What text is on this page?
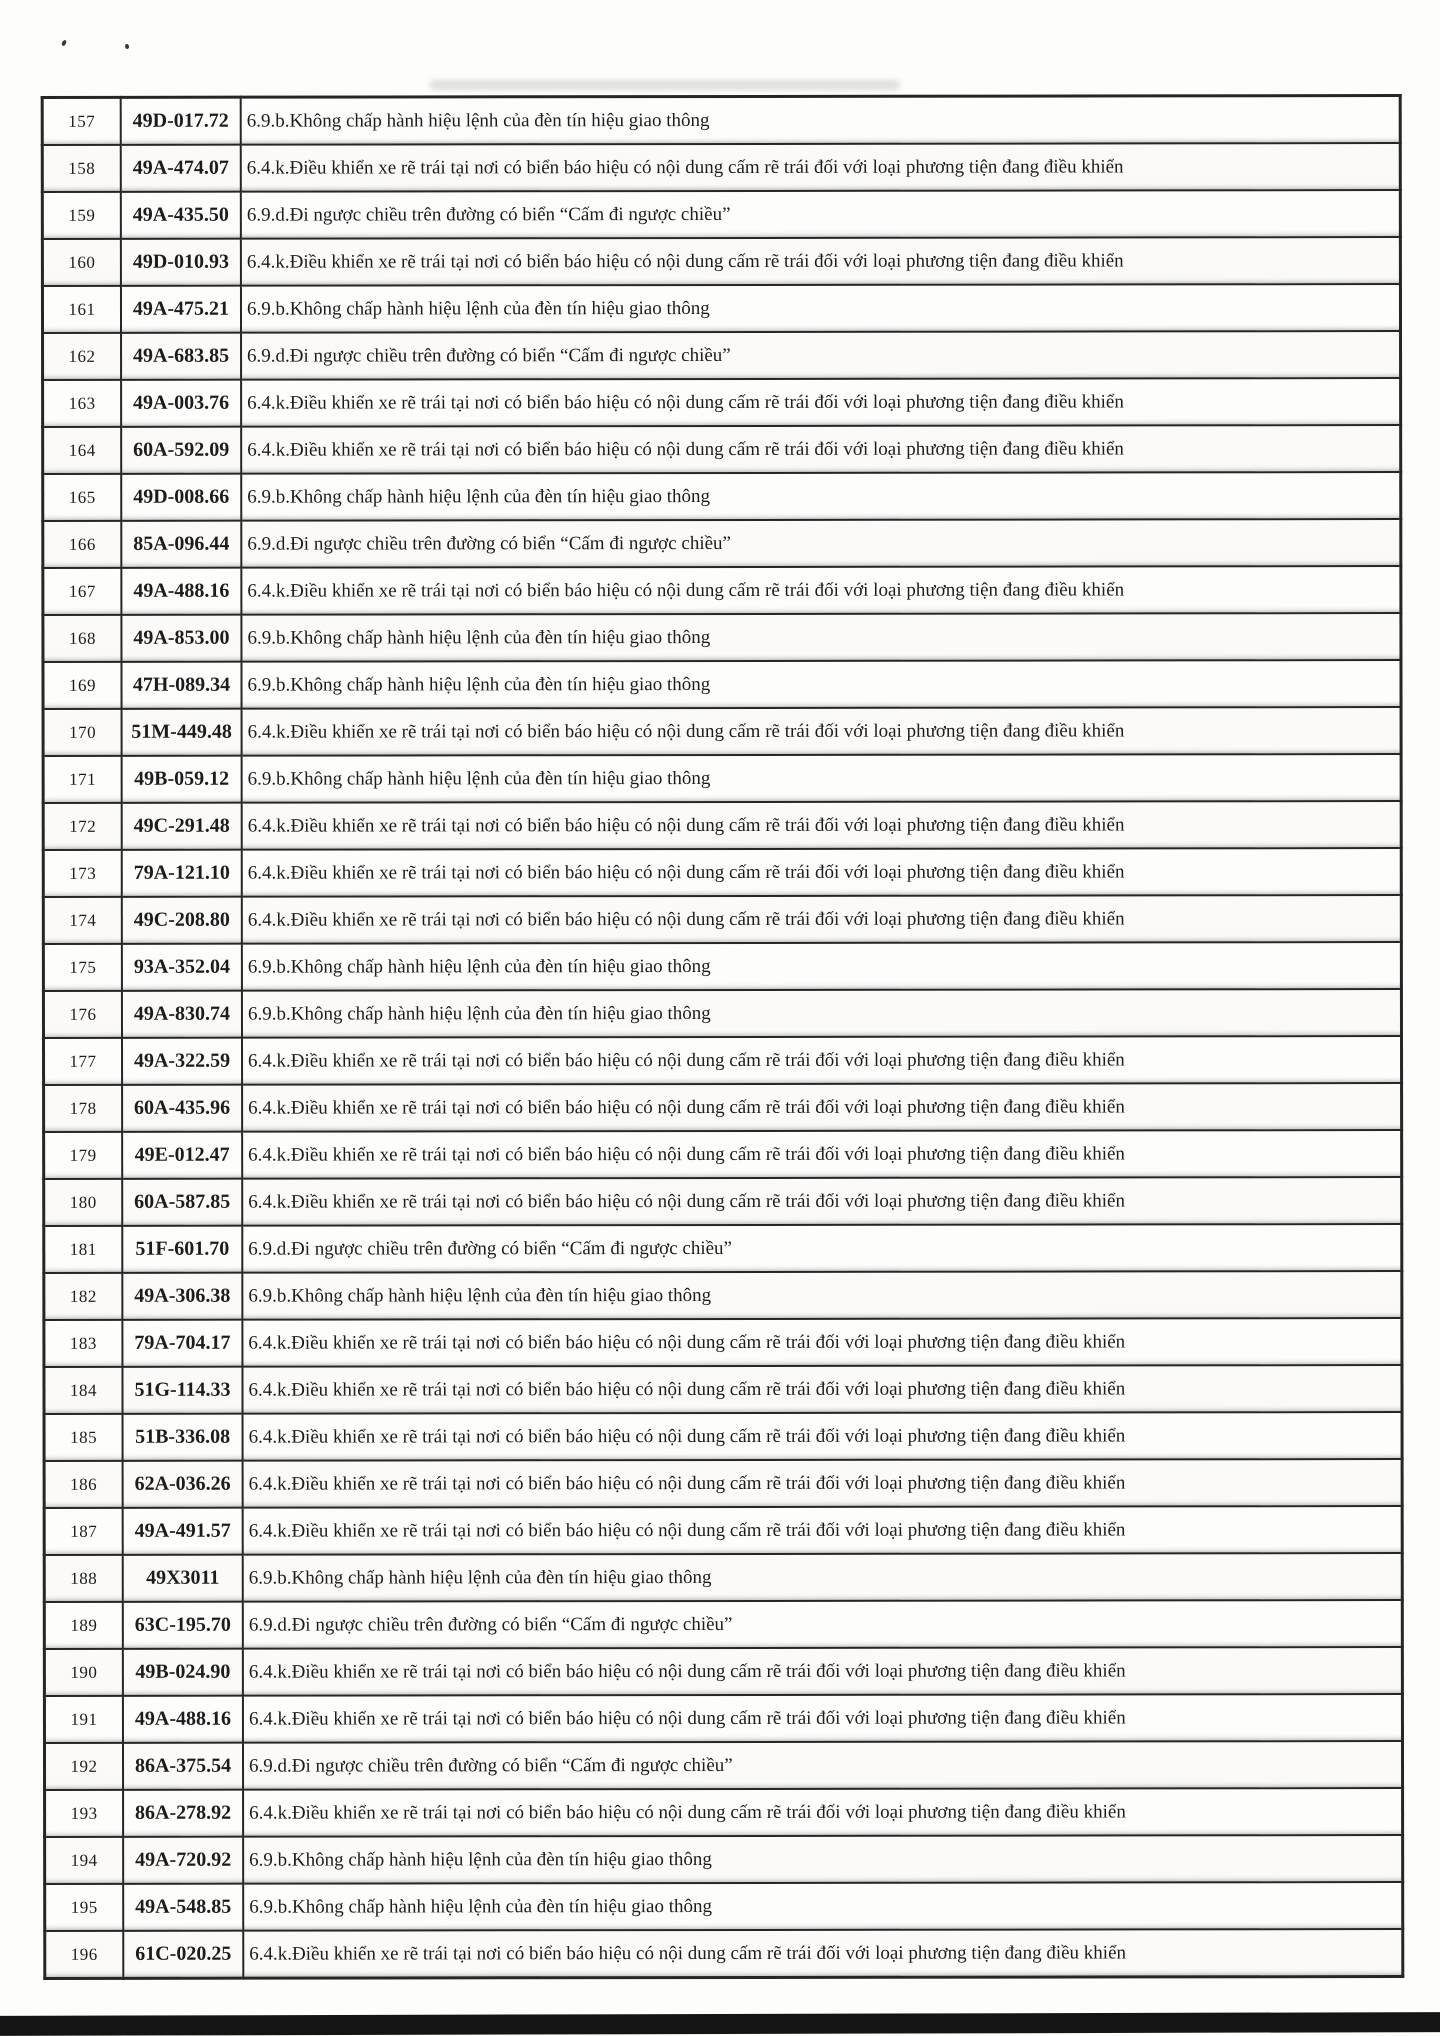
157	49D-017.72	6.9.b.Không chấp hành hiệu lệnh của đèn tín hiệu giao thông
158	49A-474.07	6.4.k.Điều khiển xe rẽ trái tại nơi có biển báo hiệu có nội dung cấm rẽ trái đối với loại phương tiện đang điều khiển
159	49A-435.50	6.9.d.Đi ngược chiều trên đường có biển “Cấm đi ngược chiều”
160	49D-010.93	6.4.k.Điều khiển xe rẽ trái tại nơi có biển báo hiệu có nội dung cấm rẽ trái đối với loại phương tiện đang điều khiển
161	49A-475.21	6.9.b.Không chấp hành hiệu lệnh của đèn tín hiệu giao thông
162	49A-683.85	6.9.d.Đi ngược chiều trên đường có biển “Cấm đi ngược chiều”
163	49A-003.76	6.4.k.Điều khiển xe rẽ trái tại nơi có biển báo hiệu có nội dung cấm rẽ trái đối với loại phương tiện đang điều khiển
164	60A-592.09	6.4.k.Điều khiển xe rẽ trái tại nơi có biển báo hiệu có nội dung cấm rẽ trái đối với loại phương tiện đang điều khiển
165	49D-008.66	6.9.b.Không chấp hành hiệu lệnh của đèn tín hiệu giao thông
166	85A-096.44	6.9.d.Đi ngược chiều trên đường có biển “Cấm đi ngược chiều”
167	49A-488.16	6.4.k.Điều khiển xe rẽ trái tại nơi có biển báo hiệu có nội dung cấm rẽ trái đối với loại phương tiện đang điều khiển
168	49A-853.00	6.9.b.Không chấp hành hiệu lệnh của đèn tín hiệu giao thông
169	47H-089.34	6.9.b.Không chấp hành hiệu lệnh của đèn tín hiệu giao thông
170	51M-449.48	6.4.k.Điều khiển xe rẽ trái tại nơi có biển báo hiệu có nội dung cấm rẽ trái đối với loại phương tiện đang điều khiển
171	49B-059.12	6.9.b.Không chấp hành hiệu lệnh của đèn tín hiệu giao thông
172	49C-291.48	6.4.k.Điều khiển xe rẽ trái tại nơi có biển báo hiệu có nội dung cấm rẽ trái đối với loại phương tiện đang điều khiển
173	79A-121.10	6.4.k.Điều khiển xe rẽ trái tại nơi có biển báo hiệu có nội dung cấm rẽ trái đối với loại phương tiện đang điều khiển
174	49C-208.80	6.4.k.Điều khiển xe rẽ trái tại nơi có biển báo hiệu có nội dung cấm rẽ trái đối với loại phương tiện đang điều khiển
175	93A-352.04	6.9.b.Không chấp hành hiệu lệnh của đèn tín hiệu giao thông
176	49A-830.74	6.9.b.Không chấp hành hiệu lệnh của đèn tín hiệu giao thông
177	49A-322.59	6.4.k.Điều khiển xe rẽ trái tại nơi có biển báo hiệu có nội dung cấm rẽ trái đối với loại phương tiện đang điều khiển
178	60A-435.96	6.4.k.Điều khiển xe rẽ trái tại nơi có biển báo hiệu có nội dung cấm rẽ trái đối với loại phương tiện đang điều khiển
179	49E-012.47	6.4.k.Điều khiển xe rẽ trái tại nơi có biển báo hiệu có nội dung cấm rẽ trái đối với loại phương tiện đang điều khiển
180	60A-587.85	6.4.k.Điều khiển xe rẽ trái tại nơi có biển báo hiệu có nội dung cấm rẽ trái đối với loại phương tiện đang điều khiển
181	51F-601.70	6.9.d.Đi ngược chiều trên đường có biển “Cấm đi ngược chiều”
182	49A-306.38	6.9.b.Không chấp hành hiệu lệnh của đèn tín hiệu giao thông
183	79A-704.17	6.4.k.Điều khiển xe rẽ trái tại nơi có biển báo hiệu có nội dung cấm rẽ trái đối với loại phương tiện đang điều khiển
184	51G-114.33	6.4.k.Điều khiển xe rẽ trái tại nơi có biển báo hiệu có nội dung cấm rẽ trái đối với loại phương tiện đang điều khiển
185	51B-336.08	6.4.k.Điều khiển xe rẽ trái tại nơi có biển báo hiệu có nội dung cấm rẽ trái đối với loại phương tiện đang điều khiển
186	62A-036.26	6.4.k.Điều khiển xe rẽ trái tại nơi có biển báo hiệu có nội dung cấm rẽ trái đối với loại phương tiện đang điều khiển
187	49A-491.57	6.4.k.Điều khiển xe rẽ trái tại nơi có biển báo hiệu có nội dung cấm rẽ trái đối với loại phương tiện đang điều khiển
188	49X3011	6.9.b.Không chấp hành hiệu lệnh của đèn tín hiệu giao thông
189	63C-195.70	6.9.d.Đi ngược chiều trên đường có biển “Cấm đi ngược chiều”
190	49B-024.90	6.4.k.Điều khiển xe rẽ trái tại nơi có biển báo hiệu có nội dung cấm rẽ trái đối với loại phương tiện đang điều khiển
191	49A-488.16	6.4.k.Điều khiển xe rẽ trái tại nơi có biển báo hiệu có nội dung cấm rẽ trái đối với loại phương tiện đang điều khiển
192	86A-375.54	6.9.d.Đi ngược chiều trên đường có biển “Cấm đi ngược chiều”
193	86A-278.92	6.4.k.Điều khiển xe rẽ trái tại nơi có biển báo hiệu có nội dung cấm rẽ trái đối với loại phương tiện đang điều khiển
194	49A-720.92	6.9.b.Không chấp hành hiệu lệnh của đèn tín hiệu giao thông
195	49A-548.85	6.9.b.Không chấp hành hiệu lệnh của đèn tín hiệu giao thông
196	61C-020.25	6.4.k.Điều khiển xe rẽ trái tại nơi có biển báo hiệu có nội dung cấm rẽ trái đối với loại phương tiện đang điều khiển
